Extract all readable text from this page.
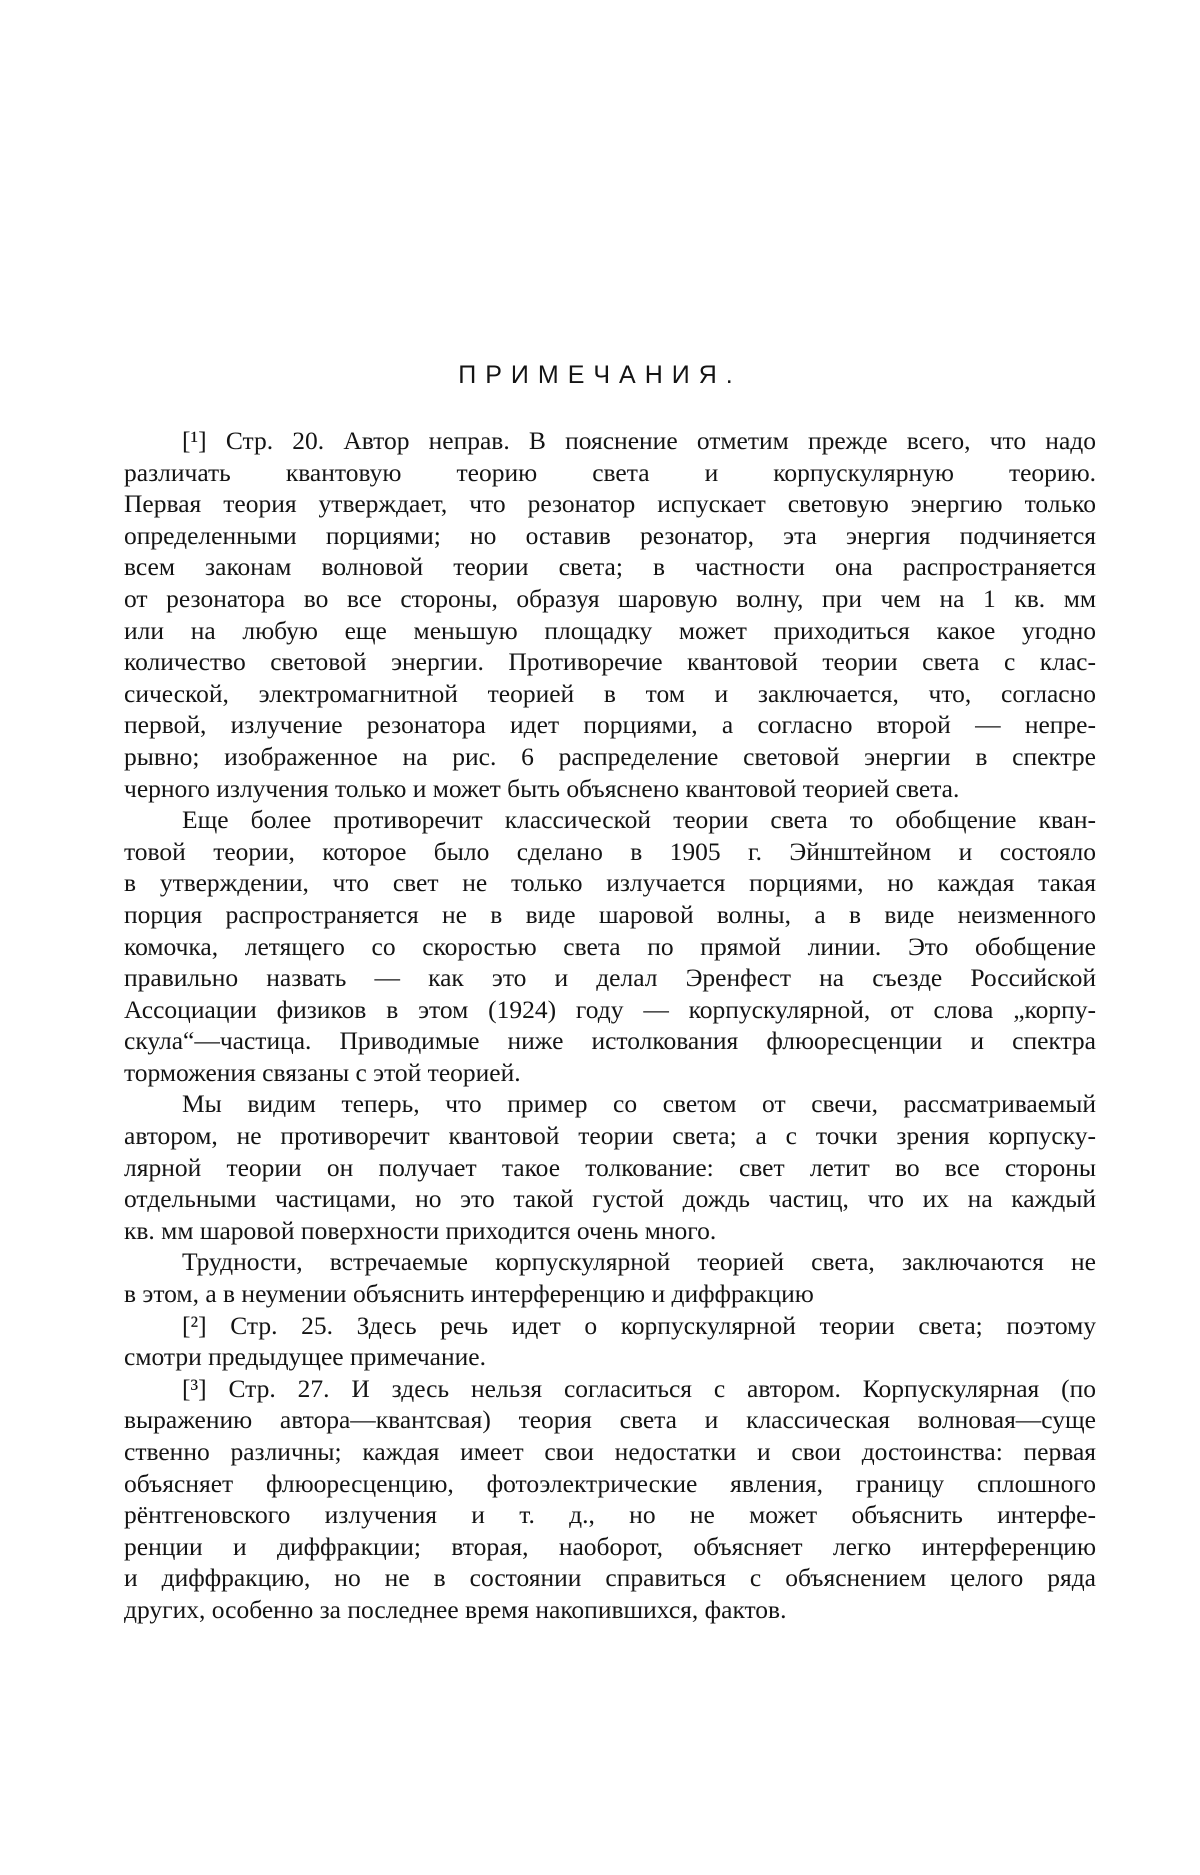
ПРИМЕЧАНИЯ.

[¹] Стр. 20. Автор неправ. В пояснение отметим прежде всего, что надо
различать квантовую теорию света и корпускулярную теорию.
Первая теория утверждает, что резонатор испускает световую энергию только
определенными порциями; но оставив резонатор, эта энергия подчиняется
всем законам волновой теории света; в частности она распространяется
от резонатора во все стороны, образуя шаровую волну, при чем на 1 кв. мм
или на любую еще меньшую площадку может приходиться какое угодно
количество световой энергии. Противоречие квантовой теории света с клас-
сической, электромагнитной теорией в том и заключается, что, согласно
первой, излучение резонатора идет порциями, а согласно второй — непре-
рывно; изображенное на рис. 6 распределение световой энергии в спектре
черного излучения только и может быть объяснено квантовой теорией света.

Еще более противоречит классической теории света то обобщение кван-
товой теории, которое было сделано в 1905 г. Эйнштейном и состояло
в утверждении, что свет не только излучается порциями, но каждая такая
порция распространяется не в виде шаровой волны, а в виде неизменного
комочка, летящего со скоростью света по прямой линии. Это обобщение
правильно назвать — как это и делал Эренфест на съезде Российской
Ассоциации физиков в этом (1924) году — корпускулярной, от слова „корпу-
скула“—частица. Приводимые ниже истолкования флюоресценции и спектра
торможения связаны с этой теорией.

Мы видим теперь, что пример со светом от свечи, рассматриваемый
автором, не противоречит квантовой теории света; а с точки зрения корпуску-
лярной теории он получает такое толкование: свет летит во все стороны
отдельными частицами, но это такой густой дождь частиц, что их на каждый
кв. мм шаровой поверхности приходится очень много.

Трудности, встречаемые корпускулярной теорией света, заключаются не
в этом, а в неумении объяснить интерференцию и диффракцию

[²] Стр. 25. Здесь речь идет о корпускулярной теории света; поэтому
смотри предыдущее примечание.

[³] Стр. 27. И здесь нельзя согласиться с автором. Корпускулярная (по
выражению автора—квантсвая) теория света и классическая волновая—суще
ственно различны; каждая имеет свои недостатки и свои достоинства: первая
объясняет флюоресценцию, фотоэлектрические явления, границу сплошного
рёнтгеновского излучения и т. д., но не может объяснить интерфе-
ренции и диффракции; вторая, наоборот, объясняет легко интерференцию
и диффракцию, но не в состоянии справиться с объяснением целого ряда
других, особенно за последнее время накопившихся, фактов.
